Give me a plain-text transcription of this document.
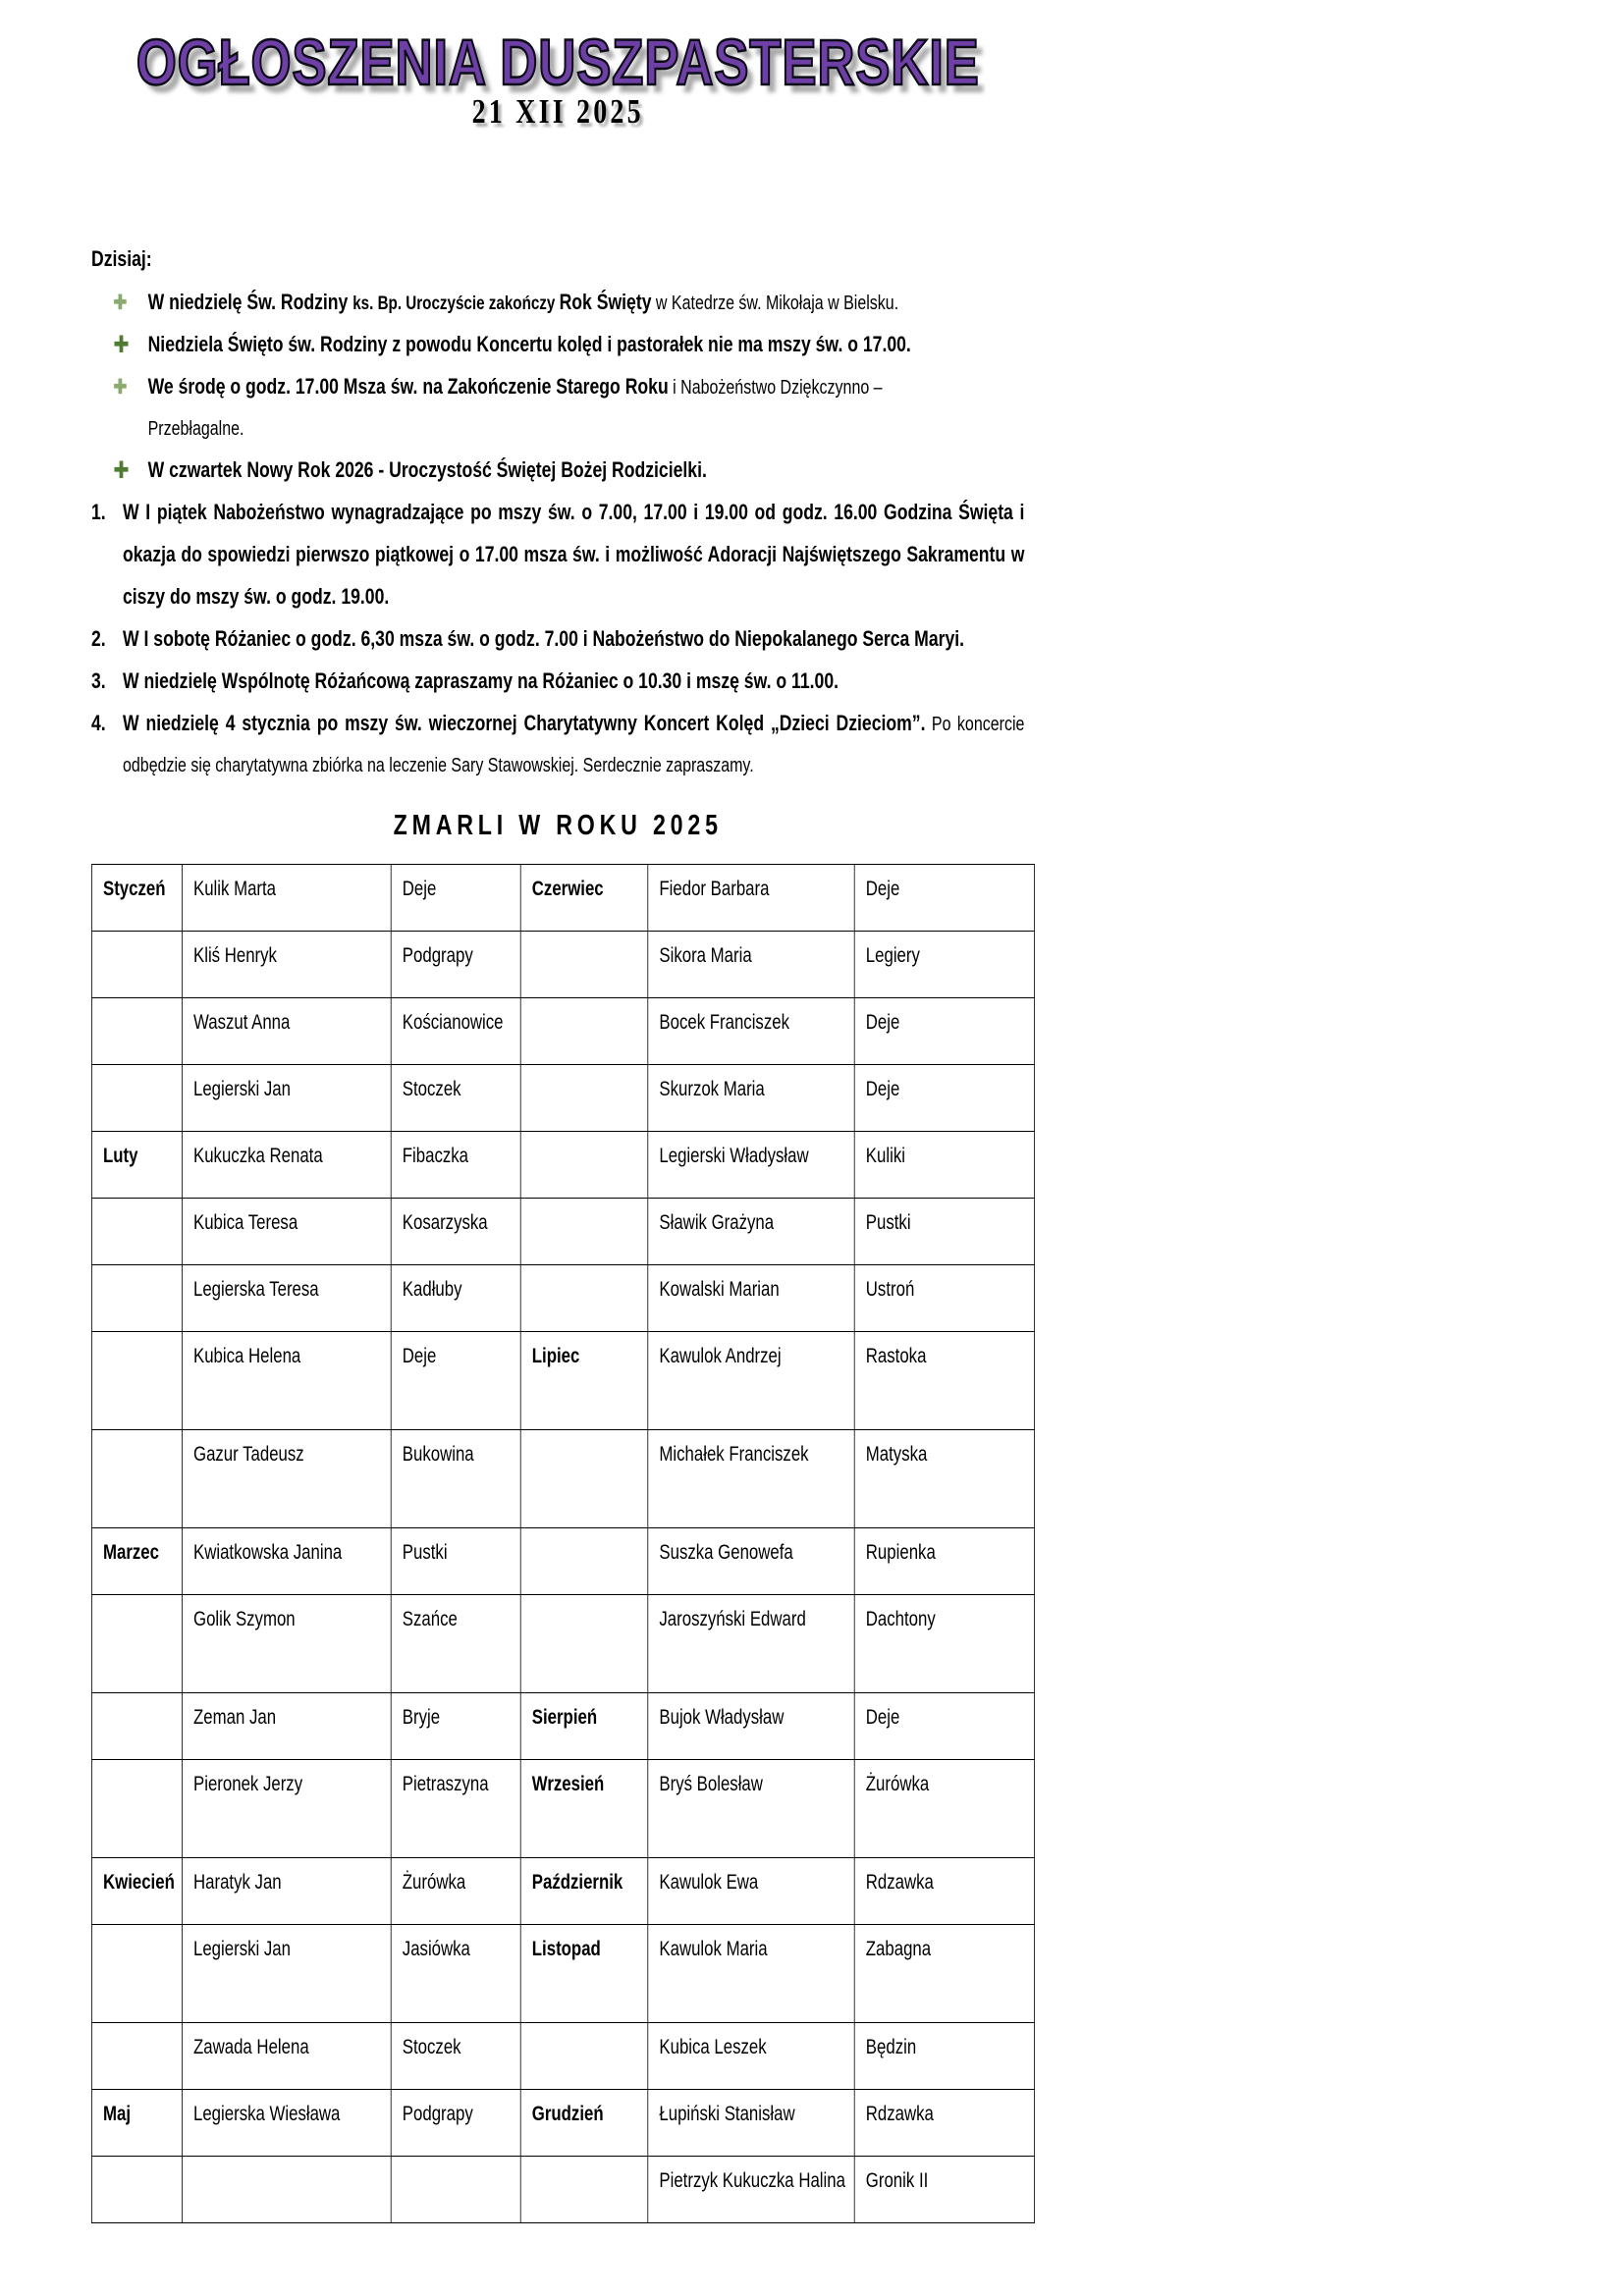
OGŁOSZENIA DUSZPASTERSKIE
21 XII 2025
Dzisiaj:
✚ W niedzielę Św. Rodziny ks. Bp. Uroczyście zakończy Rok Święty w Katedrze św. Mikołaja w Bielsku.
✚ Niedziela Święto św. Rodziny z powodu Koncertu kolęd i pastorałek nie ma mszy św. o 17.00.
✚ We środę o godz. 17.00 Msza św. na Zakończenie Starego Roku i Nabożeństwo Dziękczynno – Przebłagalne.
✚ W czwartek Nowy Rok 2026 - Uroczystość Świętej Bożej Rodzicielki.
1. W I piątek Nabożeństwo wynagradzające po mszy św. o 7.00, 17.00 i 19.00 od godz. 16.00 Godzina Święta i okazja do spowiedzi pierwszo piątkowej o 17.00 msza św. i możliwość Adoracji Najświętszego Sakramentu w ciszy do mszy św. o godz. 19.00.
2. W I sobotę Różaniec o godz. 6,30 msza św. o godz. 7.00 i Nabożeństwo do Niepokalanego Serca Maryi.
3. W niedzielę Wspólnotę Różańcową zapraszamy na Różaniec o 10.30 i mszę św. o 11.00.
4. W niedzielę 4 stycznia po mszy św. wieczornej Charytatywny Koncert Kolęd „Dzieci Dzieciom”. Po koncercie odbędzie się charytatywna zbiórka na leczenie Sary Stawowskiej. Serdecznie zapraszamy.
ZMARLI W ROKU 2025
Styczeń	Kulik Marta	Deje	Czerwiec	Fiedor Barbara	Deje
	Kliś Henryk	Podgrapy		Sikora Maria	Legiery
	Waszut Anna	Kościanowice		Bocek Franciszek	Deje
	Legierski Jan	Stoczek		Skurzok Maria	Deje
Luty	Kukuczka Renata	Fibaczka		Legierski Władysław	Kuliki
	Kubica Teresa	Kosarzyska		Sławik Grażyna	Pustki
	Legierska Teresa	Kadłuby		Kowalski Marian	Ustroń
	Kubica Helena	Deje	Lipiec	Kawulok Andrzej	Rastoka
	Gazur Tadeusz	Bukowina		Michałek Franciszek	Matyska
Marzec	Kwiatkowska Janina	Pustki		Suszka Genowefa	Rupienka
	Golik Szymon	Szańce		Jaroszyński Edward	Dachtony
	Zeman Jan	Bryje	Sierpień	Bujok Władysław	Deje
	Pieronek Jerzy	Pietraszyna	Wrzesień	Bryś Bolesław	Żurówka
Kwiecień	Haratyk Jan	Żurówka	Październik	Kawulok Ewa	Rdzawka
	Legierski Jan	Jasiówka	Listopad	Kawulok Maria	Zabagna
	Zawada Helena	Stoczek		Kubica Leszek	Będzin
Maj	Legierska Wiesława	Podgrapy	Grudzień	Łupiński Stanisław	Rdzawka
				Pietrzyk Kukuczka Halina	Gronik II
